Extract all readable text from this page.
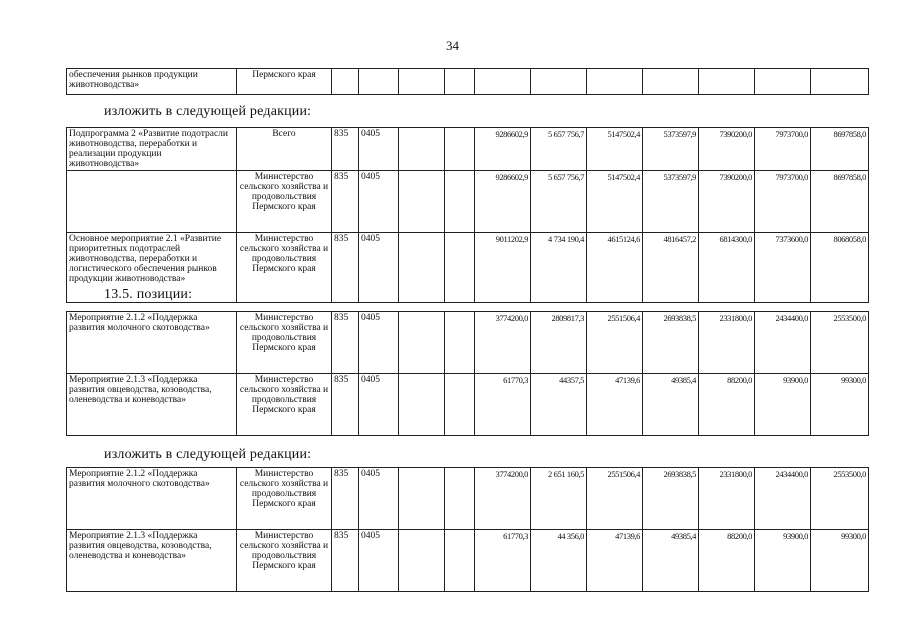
34
обеспечения рынков продукции животноводства»	Пермского края											
изложить в следующей редакции:
Подпрограмма 2 «Развитие подотрасли животноводства, переработки и реализации продукции животноводства»	Всего	835	0405			9286602,9	5 657 756,7	5147502,4	5373597,9	7390200,0	7973700,0	8697858,0
	Министерство сельского хозяйства и продовольствия Пермского края	835	0405			9286602,9	5 657 756,7	5147502,4	5373597,9	7390200,0	7973700,0	8697858,0
Основное мероприятие 2.1 «Развитие приоритетных подотраслей животноводства, переработки и логистического обеспечения рынков продукции животноводства»	Министерство сельского хозяйства и продовольствия Пермского края	835	0405			9011202,9	4 734 190,4	4615124,6	4816457,2	6814300,0	7373600,0	8068058,0
13.5. позиции:
Мероприятие 2.1.2 «Поддержка развития молочного скотоводства»	Министерство сельского хозяйства и продовольствия Пермского края	835	0405			3774200,0	2809817,3	2551506,4	2693838,5	2331800,0	2434400,0	2553500,0
Мероприятие 2.1.3 «Поддержка развития овцеводства, козоводства, оленеводства и коневодства»	Министерство сельского хозяйства и продовольствия Пермского края	835	0405			61770,3	44357,5	47139,6	49385,4	88200,0	93900,0	99300,0
изложить в следующей редакции:
Мероприятие 2.1.2 «Поддержка развития молочного скотоводства»	Министерство сельского хозяйства и продовольствия Пермского края	835	0405			3774200,0	2 651 160,5	2551506,4	2693838,5	2331800,0	2434400,0	2553500,0
Мероприятие 2.1.3 «Поддержка развития овцеводства, козоводства, оленеводства и коневодства»	Министерство сельского хозяйства и продовольствия Пермского края	835	0405			61770,3	44 356,0	47139,6	49385,4	88200,0	93900,0	99300,0
